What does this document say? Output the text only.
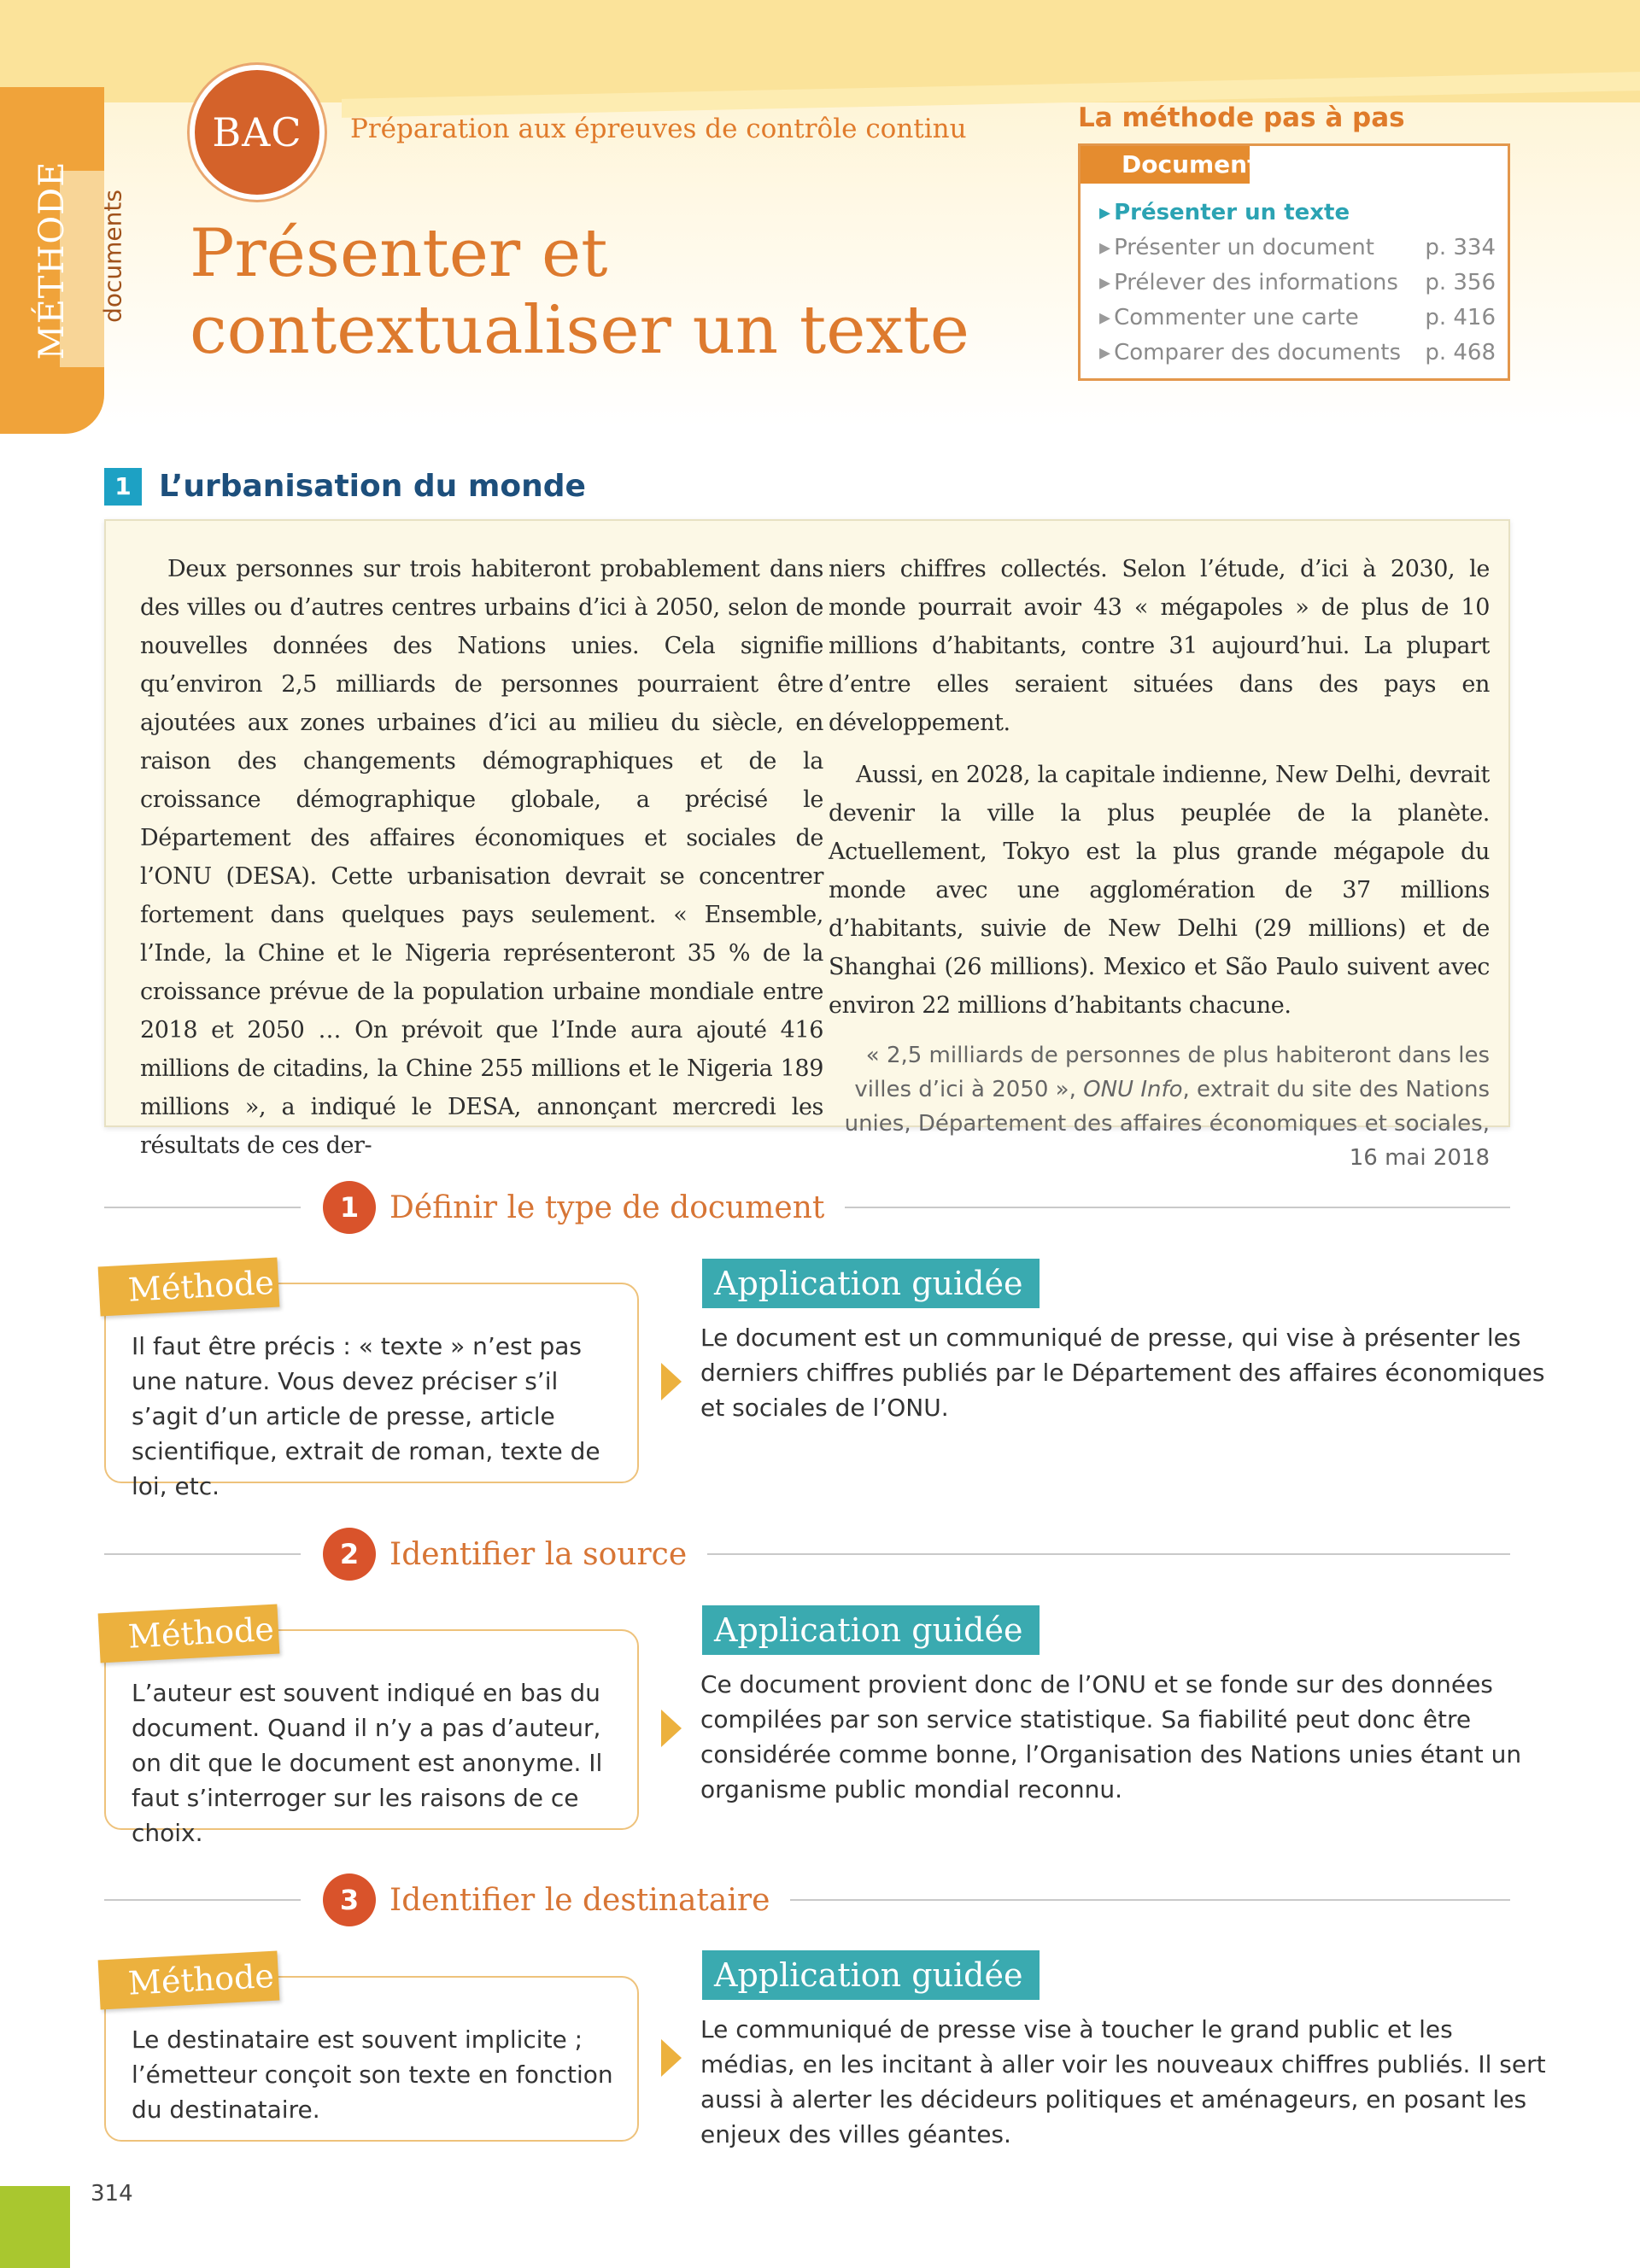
MÉTHODE documents
BAC	Préparation aux épreuves de contrôle continu
Présenter et
contextualiser un texte
La méthode pas à pas
Documents
▸ Présenter un texte
▸ Présenter un document p. 334
▸ Prélever des informations p. 356
▸ Commenter une carte	p. 416
▸ Comparer des documents p. 468
1 L’urbanisation du monde

Deux personnes sur trois habiteront probablement dans des villes ou d’autres centres urbains d’ici à 2050, selon de nouvelles données des Nations unies. Cela signifie qu’environ 2,5 milliards de personnes pourraient être ajoutées aux zones urbaines d’ici au milieu du siècle, en raison des changements démographiques et de la croissance démographique globale, a précisé le Département des affaires économiques et sociales de l’ONU (DESA). Cette urbanisation devrait se concentrer fortement dans quelques pays seulement. « Ensemble, l’Inde, la Chine et le Nigeria représenteront 35 % de la croissance prévue de la population urbaine mondiale entre 2018 et 2050 … On prévoit que l’Inde aura ajouté 416 millions de citadins, la Chine 255 millions et le Nigeria 189 millions », a indiqué le DESA, annonçant mercredi les résultats de ces der-

niers chiffres collectés. Selon l’étude, d’ici à 2030, le monde pourrait avoir 43 « mégapoles » de plus de 10 millions d’habitants, contre 31 aujourd’hui. La plupart d’entre elles seraient situées dans des pays en développement.

Aussi, en 2028, la capitale indienne, New Delhi, devrait devenir la ville la plus peuplée de la planète. Actuellement, Tokyo est la plus grande mégapole du monde avec une agglomération de 37 millions d’habitants, suivie de New Delhi (29 millions) et de Shanghai (26 millions). Mexico et São Paulo suivent avec environ 22 millions d’habitants chacune.

« 2,5 milliards de personnes de plus habiteront dans les villes d’ici à 2050 », ONU Info, extrait du site des Nations unies, Département des affaires économiques et sociales, 16 mai 2018
1 Définir le type de document
Il faut être précis : « texte » n’est pas une nature. Vous devez préciser s’il s’agit d’un article de presse, article scientifique, extrait de roman, texte de loi, etc.
Méthode	Application guidée
Le document est un communiqué de presse, qui vise à présenter les derniers chiffres publiés par le Département des affaires économiques et sociales de l’ONU.
2 Identifier la source
L’auteur est souvent indiqué en bas du document. Quand il n’y a pas d’auteur, on dit que le document est anonyme. Il faut s’interroger sur les raisons de ce choix.
Méthode	Application guidée
Ce document provient donc de l’ONU et se fonde sur des données compilées par son service statistique. Sa fiabilité peut donc être considérée comme bonne, l’Organisation des Nations unies étant un organisme public mondial reconnu.
3 Identifier le destinataire
Le destinataire est souvent implicite ; l’émetteur conçoit son texte en fonction du destinataire.
Méthode	Application guidée
Le communiqué de presse vise à toucher le grand public et les médias, en les incitant à aller voir les nouveaux chiffres publiés. Il sert aussi à alerter les décideurs politiques et aménageurs, en posant les enjeux des villes géantes.
314
